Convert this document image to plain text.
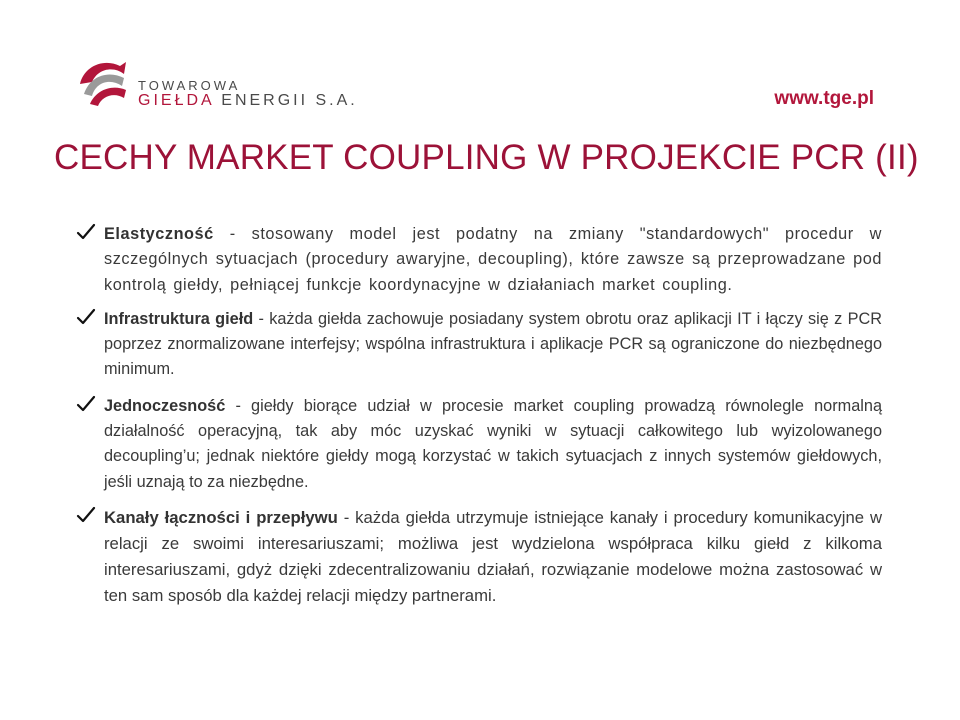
TOWAROWA
GIEŁDA ENERGII S.A.	www.tge.pl
CECHY MARKET COUPLING W PROJEKCIE PCR (II)

Elastyczność - stosowany model jest podatny na zmiany "standardowych" procedur w szczególnych sytuacjach (procedury awaryjne, decoupling), które zawsze są przeprowadzane pod kontrolą giełdy, pełniącej funkcje koordynacyjne w działaniach market coupling.

Infrastruktura giełd - każda giełda zachowuje posiadany system obrotu oraz aplikacji IT i łączy się z PCR poprzez znormalizowane interfejsy; wspólna infrastruktura i aplikacje PCR są ograniczone do niezbędnego minimum.

Jednoczesność - giełdy biorące udział w procesie market coupling prowadzą równolegle normalną działalność operacyjną, tak aby móc uzyskać wyniki w sytuacji całkowitego lub wyizolowanego decoupling’u; jednak niektóre giełdy mogą korzystać w takich sytuacjach z innych systemów giełdowych, jeśli uznają to za niezbędne.

Kanały łączności i przepływu - każda giełda utrzymuje istniejące kanały i procedury komunikacyjne w relacji ze swoimi interesariuszami; możliwa jest wydzielona współpraca kilku giełd z kilkoma interesariuszami, gdyż dzięki zdecentralizowaniu działań, rozwiązanie modelowe można zastosować w ten sam sposób dla każdej relacji między partnerami.
